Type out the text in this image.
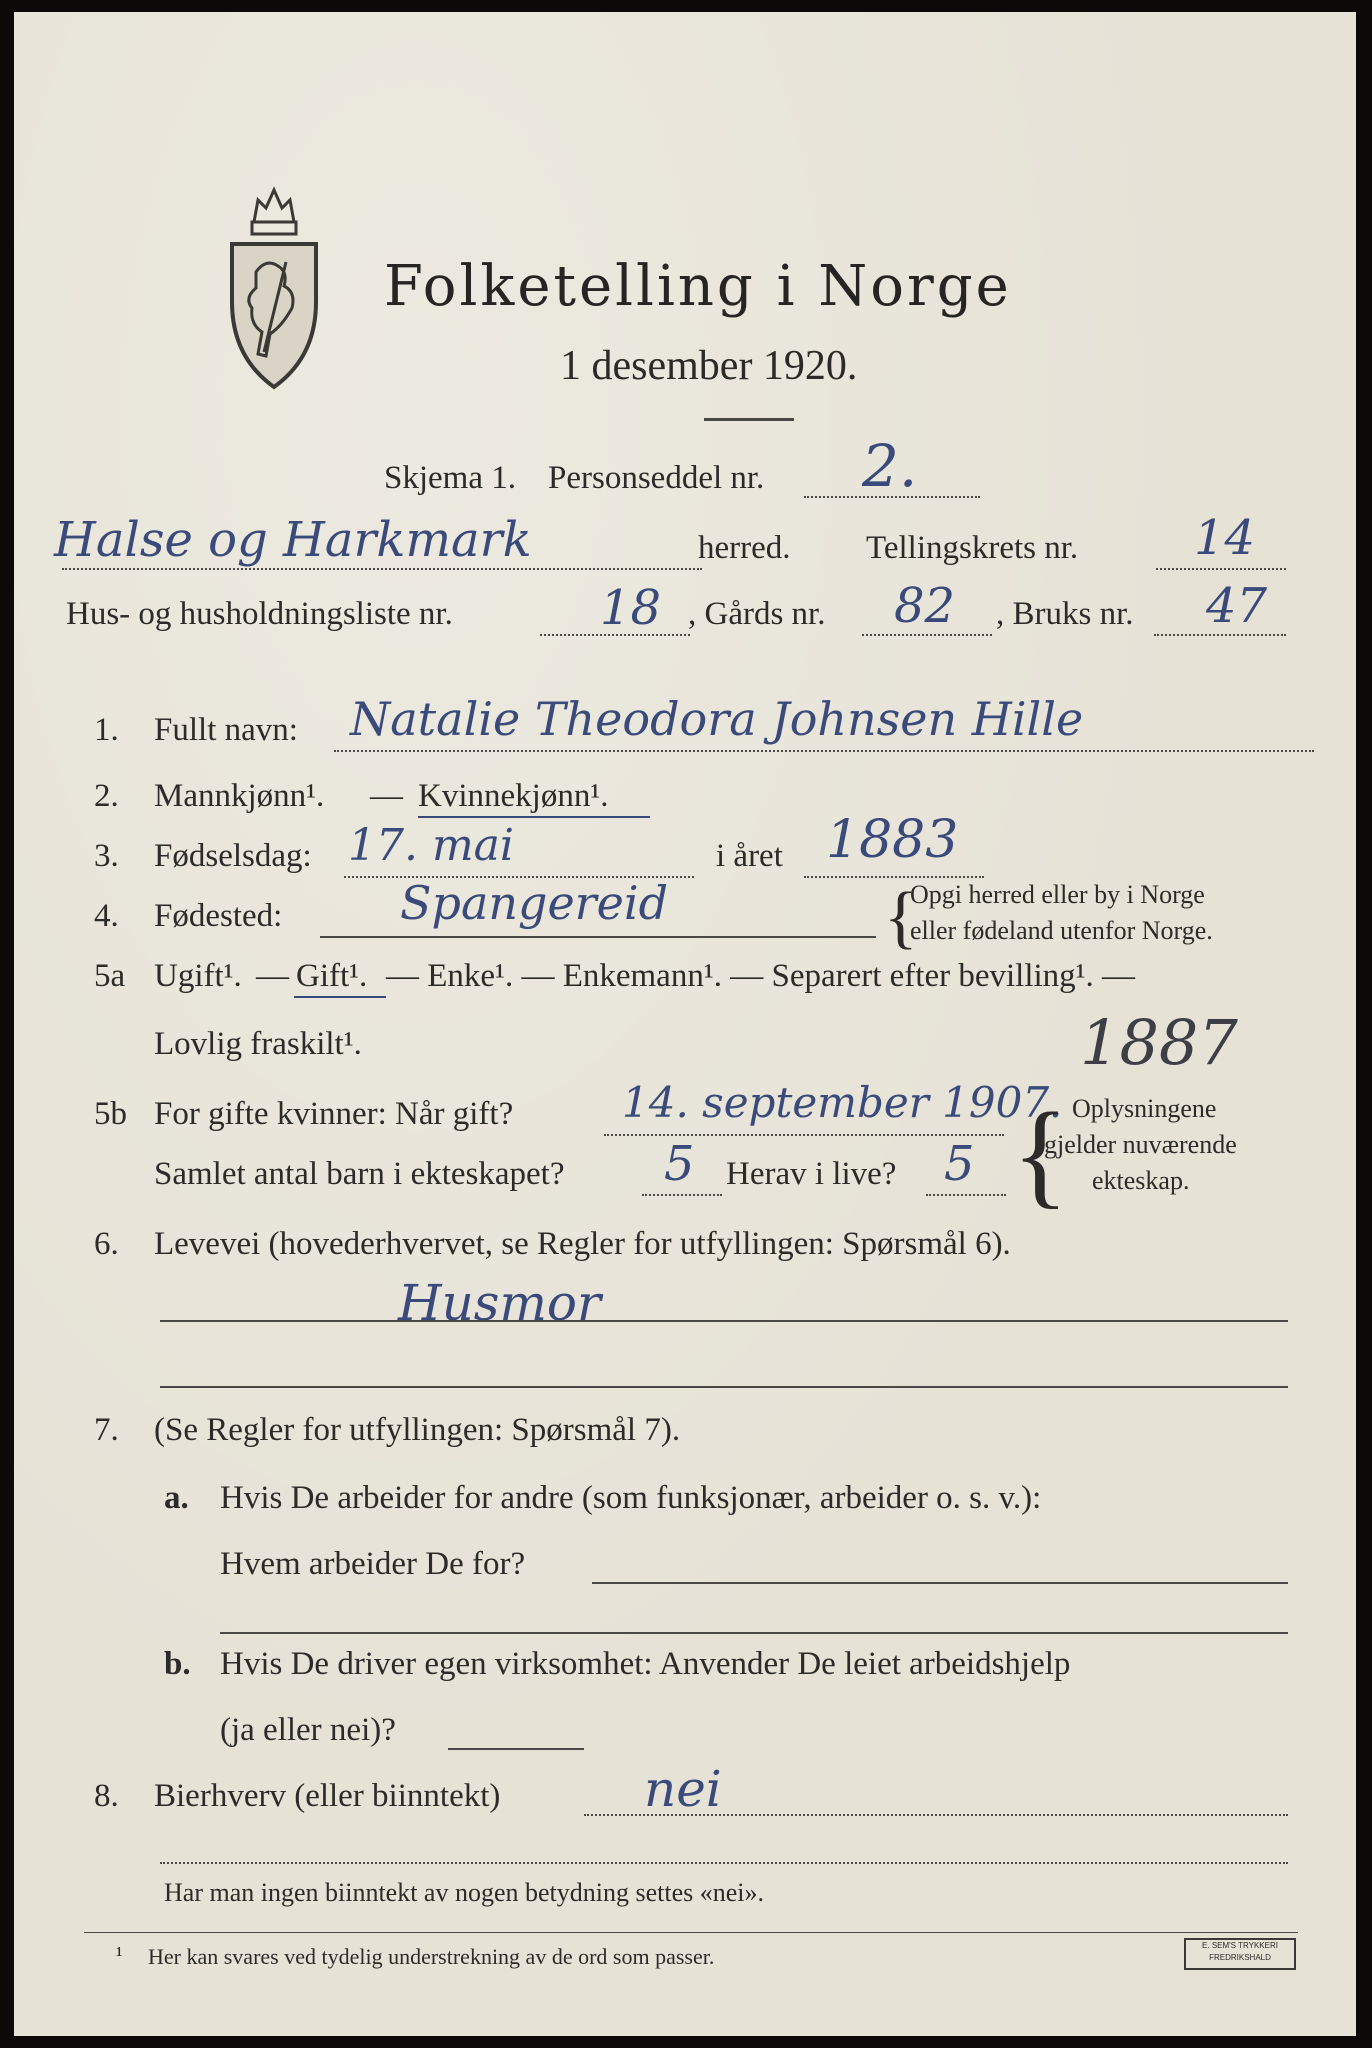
Folketelling i Norge
1 desember 1920.
Skjema 1. Personseddel nr. 2.
Halse og Harkmark	herred. Tellingskrets nr. 14
Hus- og husholdningsliste nr.	18 , Gårds nr. 82 , Bruks nr. 47
1. Fullt navn: Natalie Theodora Johnsen Hille
2. Mannkjønn¹. — Kvinnekjønn¹.
3. Fødselsdag: 17. mai	i året 1883
4. Fødested:	Spangereid	{
Opgi herred eller by i Norge
eller fødeland utenfor Norge.
5a Ugift¹. — Gift¹. — Enke¹. — Enkemann¹. — Separert efter bevilling¹. —
Lovlig fraskilt¹.	1887
5b For gifte kvinner: Når gift?	14. september 1907.
Samlet antal barn i ekteskapet? 5 Herav i live? 5 { Oplysningene
gjelder nuværende
ekteskap.
6. Levevei (hovederhvervet, se Regler for utfyllingen: Spørsmål 6).
Husmor
7. (Se Regler for utfyllingen: Spørsmål 7).
a. Hvis De arbeider for andre (som funksjonær, arbeider o. s. v.):
Hvem arbeider De for?
b. Hvis De driver egen virksomhet: Anvender De leiet arbeidshjelp
(ja eller nei)?
8. Bierhverv (eller biinntekt)	nei
Har man ingen biinntekt av nogen betydning settes «nei».
¹ Her kan svares ved tydelig understrekning av de ord som passer.	E. SEM'S TRYKKERI
FREDRIKSHALD
